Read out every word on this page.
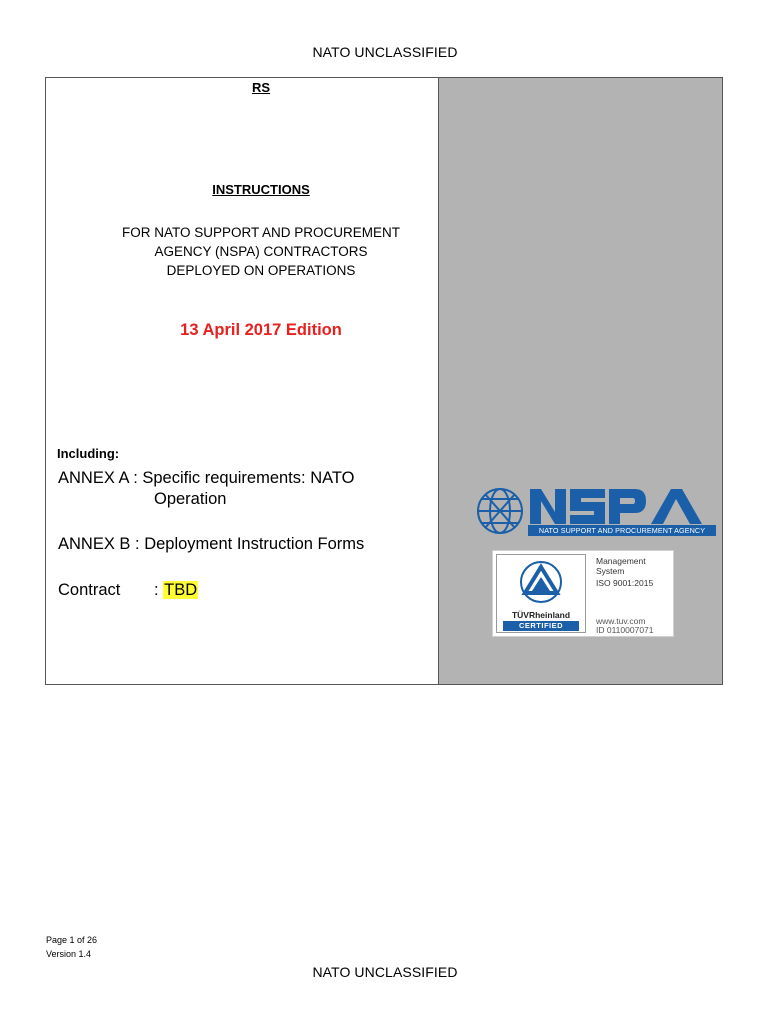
NATO UNCLASSIFIED
RS
INSTRUCTIONS
FOR NATO SUPPORT AND PROCUREMENT
AGENCY (NSPA) CONTRACTORS
DEPLOYED ON OPERATIONS
13 April 2017 Edition
Including:
ANNEX A : Specific requirements: NATO
Operation
ANNEX B : Deployment Instruction Forms
Contract : TBD
NATO SUPPORT AND PROCUREMENT AGENCY
TÜVRheinland
CERTIFIED
Management
System
ISO 9001:2015
www.tuv.com
ID 0110007071
Page 1 of 26
Version 1.4
NATO UNCLASSIFIED
